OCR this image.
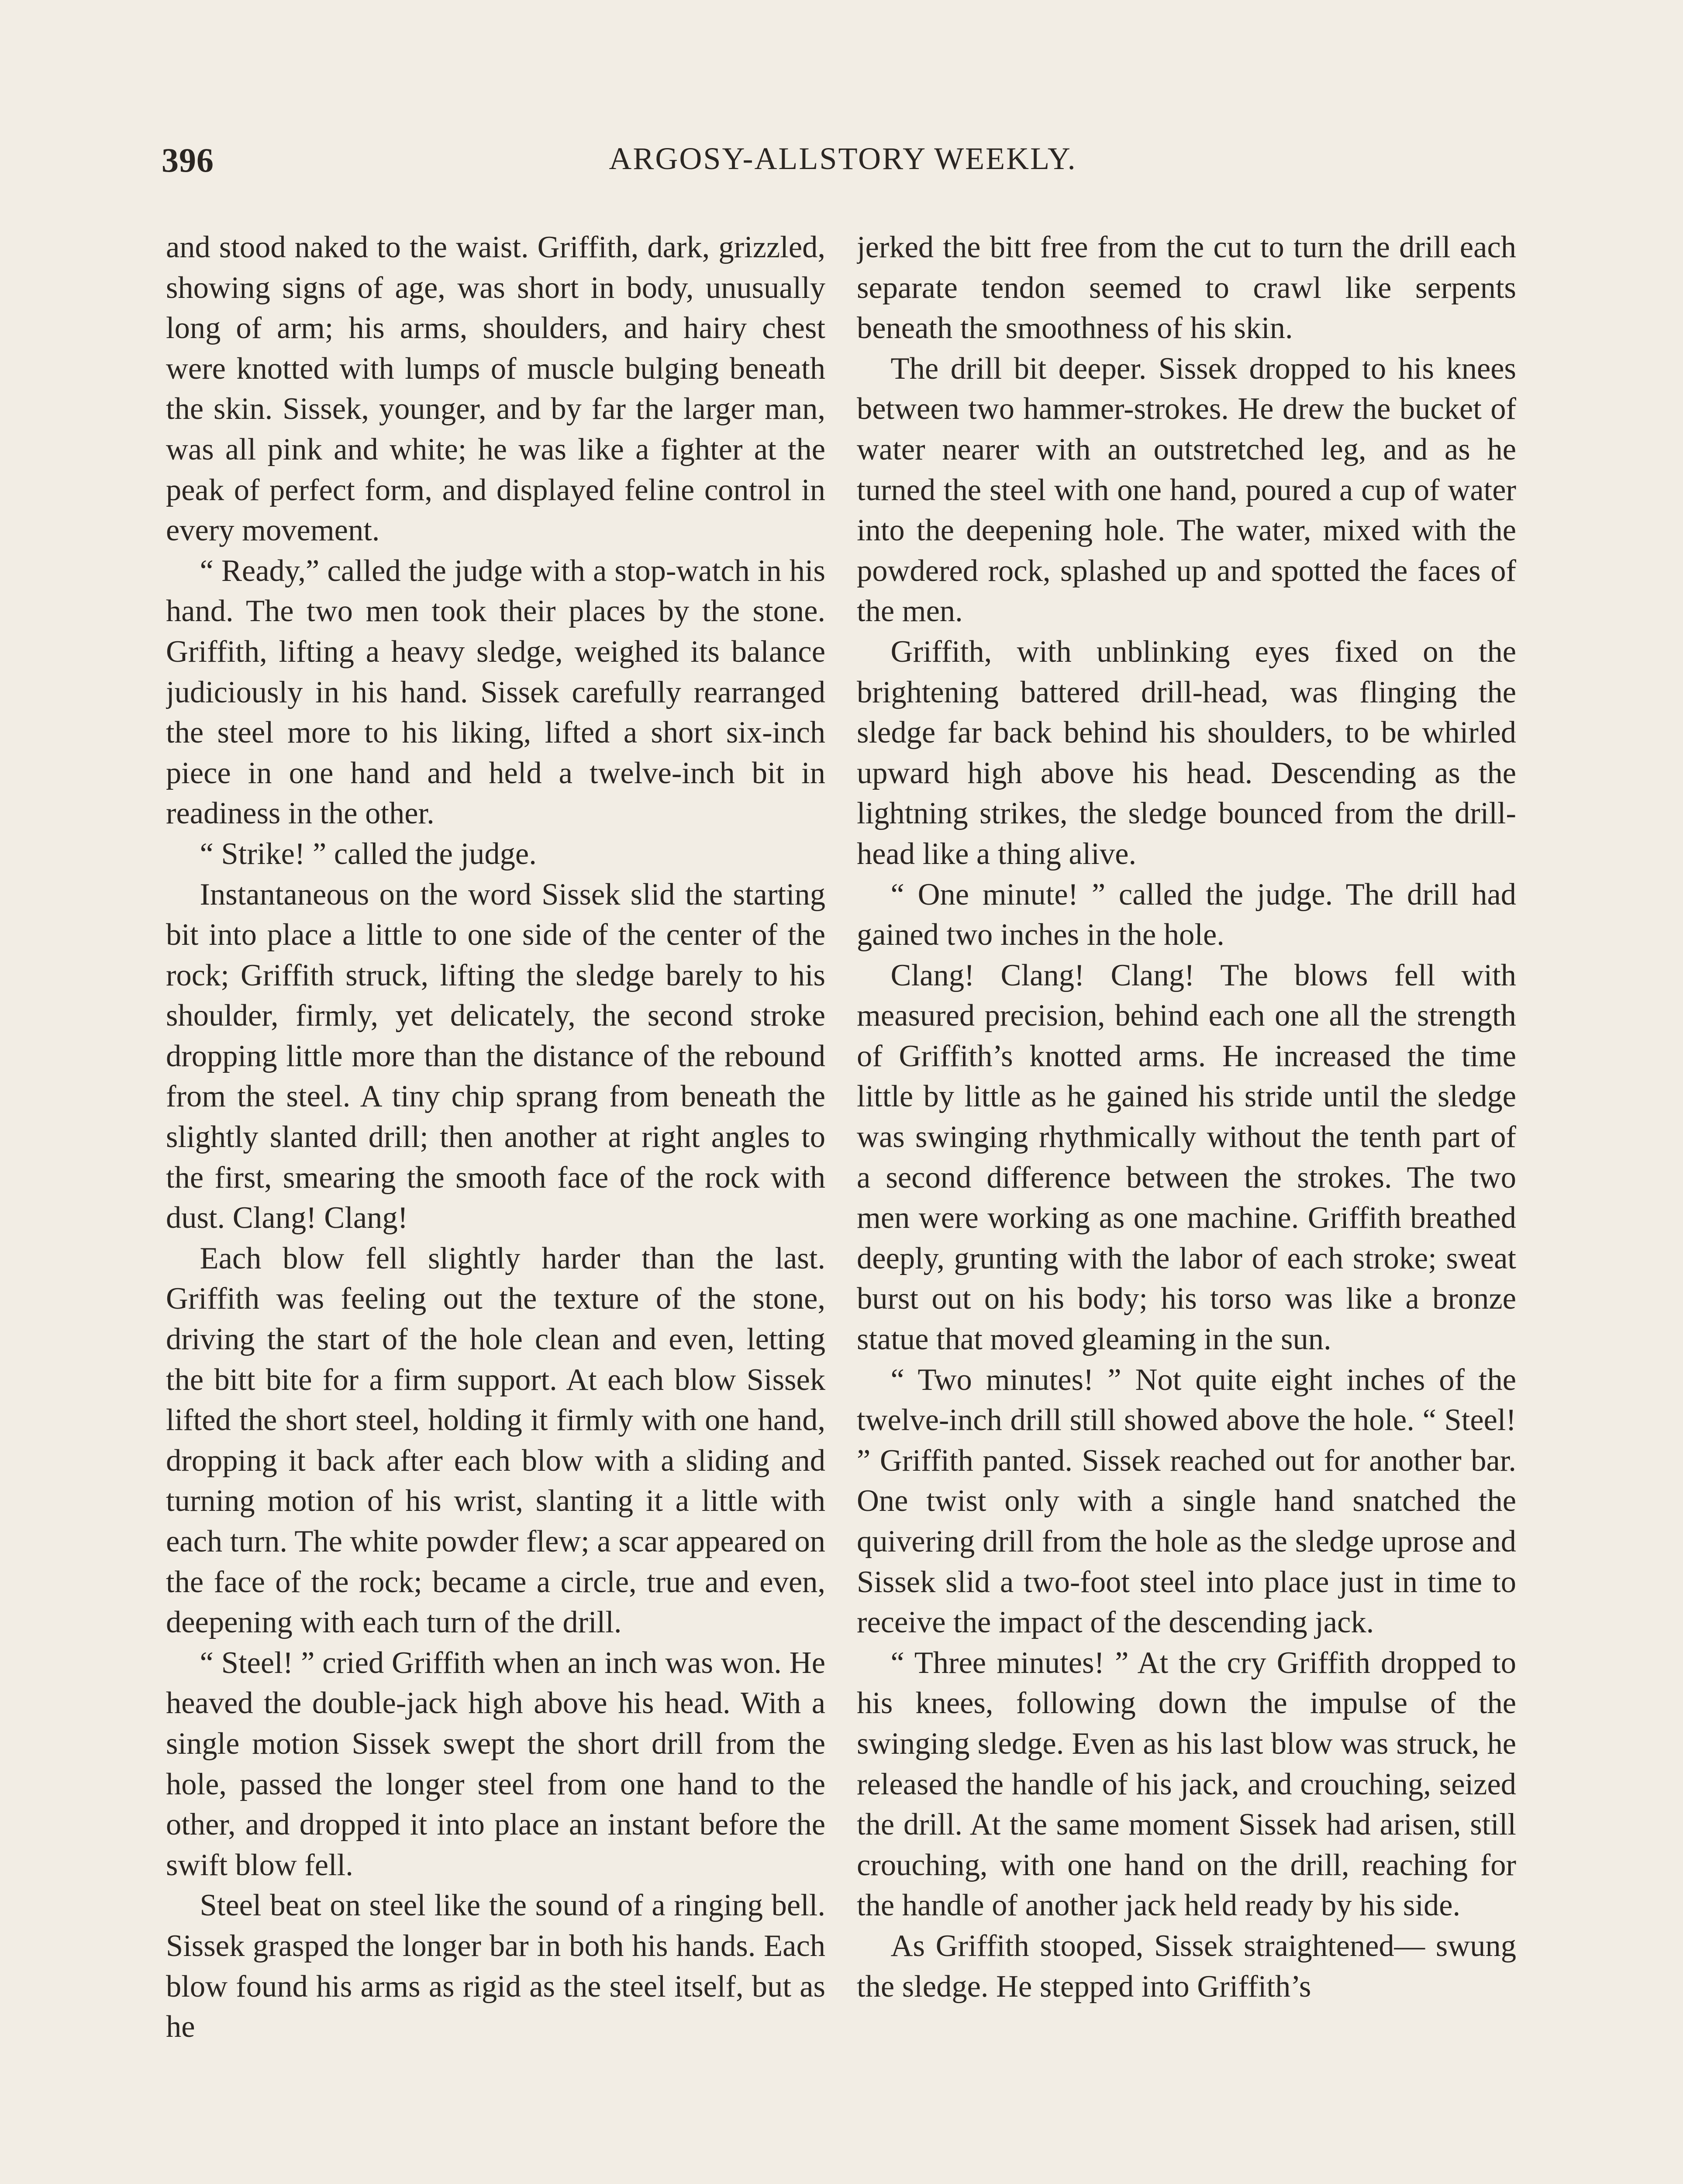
396	ARGOSY-ALLSTORY WEEKLY.

and stood naked to the waist. Griffith, dark, grizzled, showing signs of age, was short in body, unusually long of arm; his arms, shoulders, and hairy chest were knotted with lumps of muscle bulging beneath the skin. Sissek, younger, and by far the larger man, was all pink and white; he was like a fighter at the peak of perfect form, and displayed feline control in every movement.

“ Ready,” called the judge with a stop-watch in his hand. The two men took their places by the stone. Griffith, lifting a heavy sledge, weighed its balance judiciously in his hand. Sissek carefully rearranged the steel more to his liking, lifted a short six-inch piece in one hand and held a twelve-inch bit in readiness in the other.

“ Strike! ” called the judge.

Instantaneous on the word Sissek slid the starting bit into place a little to one side of the center of the rock; Griffith struck, lifting the sledge barely to his shoulder, firmly, yet delicately, the second stroke dropping little more than the distance of the rebound from the steel. A tiny chip sprang from beneath the slightly slanted drill; then another at right angles to the first, smearing the smooth face of the rock with dust. Clang! Clang!

Each blow fell slightly harder than the last. Griffith was feeling out the texture of the stone, driving the start of the hole clean and even, letting the bitt bite for a firm support. At each blow Sissek lifted the short steel, holding it firmly with one hand, dropping it back after each blow with a sliding and turning motion of his wrist, slanting it a little with each turn. The white powder flew; a scar appeared on the face of the rock; became a circle, true and even, deepening with each turn of the drill.

“ Steel! ” cried Griffith when an inch was won. He heaved the double-jack high above his head. With a single motion Sissek swept the short drill from the hole, passed the longer steel from one hand to the other, and dropped it into place an instant before the swift blow fell.

Steel beat on steel like the sound of a ringing bell. Sissek grasped the longer bar in both his hands. Each blow found his arms as rigid as the steel itself, but as he

jerked the bitt free from the cut to turn the drill each separate tendon seemed to crawl like serpents beneath the smoothness of his skin.

The drill bit deeper. Sissek dropped to his knees between two hammer-strokes. He drew the bucket of water nearer with an outstretched leg, and as he turned the steel with one hand, poured a cup of water into the deepening hole. The water, mixed with the powdered rock, splashed up and spotted the faces of the men.

Griffith, with unblinking eyes fixed on the brightening battered drill-head, was flinging the sledge far back behind his shoulders, to be whirled upward high above his head. Descending as the lightning strikes, the sledge bounced from the drill-head like a thing alive.

“ One minute! ” called the judge. The drill had gained two inches in the hole.

Clang! Clang! Clang! The blows fell with measured precision, behind each one all the strength of Griffith’s knotted arms. He increased the time little by little as he gained his stride until the sledge was swinging rhythmically without the tenth part of a second difference between the strokes. The two men were working as one machine. Griffith breathed deeply, grunting with the labor of each stroke; sweat burst out on his body; his torso was like a bronze statue that moved gleaming in the sun.

“ Two minutes! ” Not quite eight inches of the twelve-inch drill still showed above the hole. “ Steel! ” Griffith panted. Sissek reached out for another bar. One twist only with a single hand snatched the quivering drill from the hole as the sledge uprose and Sissek slid a two-foot steel into place just in time to receive the impact of the descending jack.

“ Three minutes! ” At the cry Griffith dropped to his knees, following down the impulse of the swinging sledge. Even as his last blow was struck, he released the handle of his jack, and crouching, seized the drill. At the same moment Sissek had arisen, still crouching, with one hand on the drill, reaching for the handle of another jack held ready by his side.

As Griffith stooped, Sissek straightened— swung the sledge. He stepped into Griffith’s
